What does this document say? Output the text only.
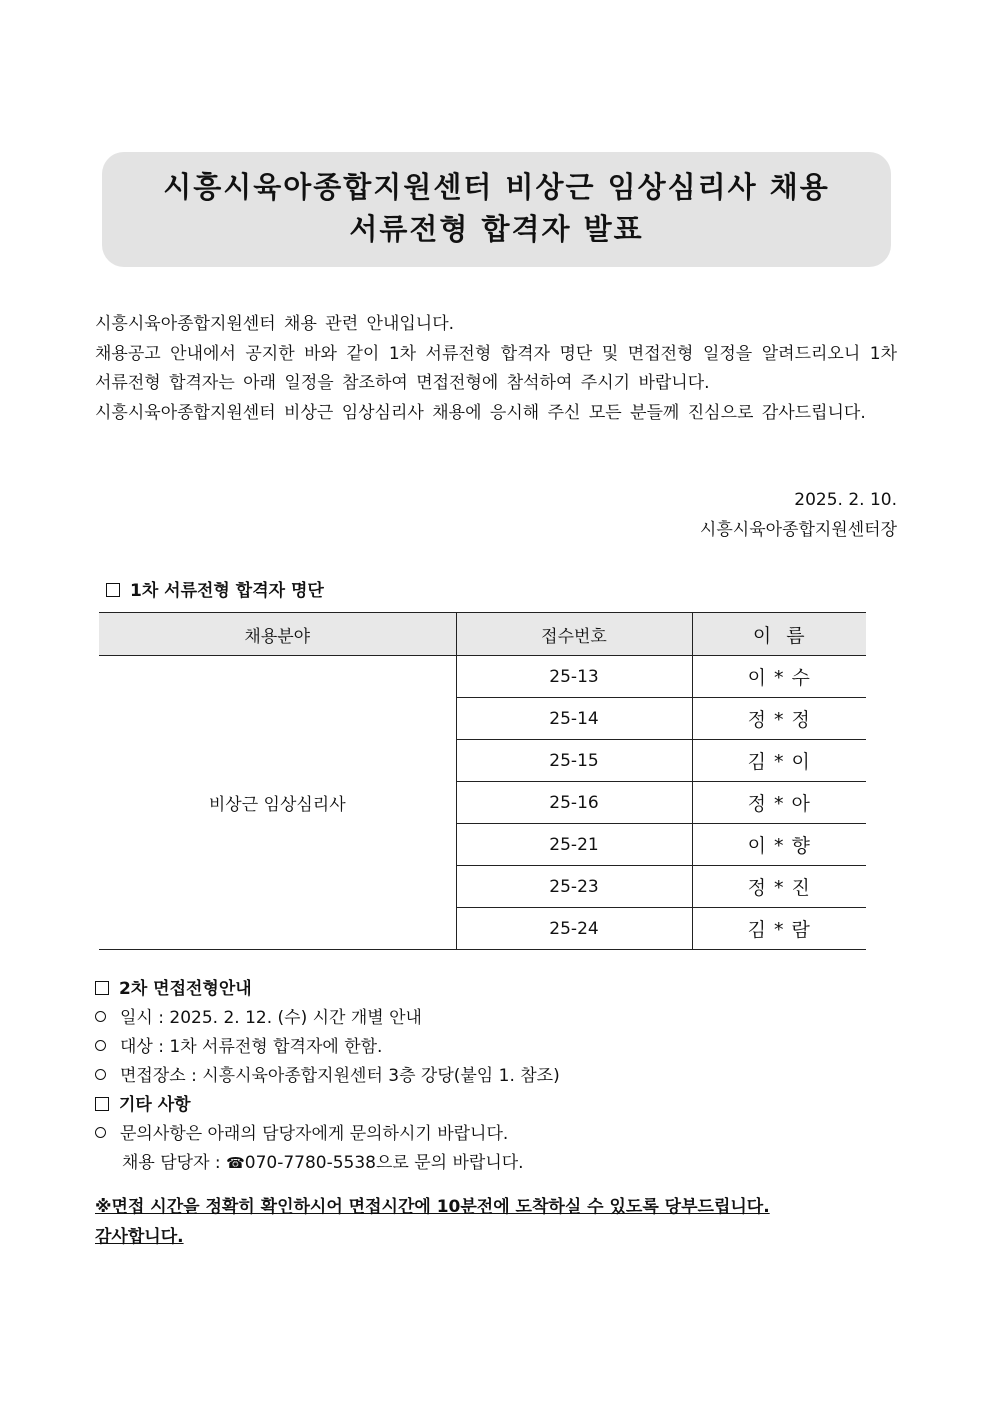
시흥시육아종합지원센터 비상근 임상심리사 채용
서류전형 합격자 발표

시흥시육아종합지원센터 채용 관련 안내입니다.

채용공고 안내에서 공지한 바와 같이 1차 서류전형 합격자 명단 및 면접전형 일정을 알려드리오니 1차 서류전형 합격자는 아래 일정을 참조하여 면접전형에 참석하여 주시기 바랍니다.

시흥시육아종합지원센터 비상근 임상심리사 채용에 응시해 주신 모든 분들께 진심으로 감사드립니다.

2025. 2. 10.
시흥시육아종합지원센터장
1차 서류전형 합격자 명단
채용분야	접수번호	이  름
비상근 임상심리사	25-13	이 * 수
	25-14	정 * 정
	25-15	김 * 이
	25-16	정 * 아
	25-21	이 * 향
	25-23	정 * 진
	25-24	김 * 람
2차 면접전형안내
일시 : 2025. 2. 12. (수) 시간 개별 안내
대상 : 1차 서류전형 합격자에 한함.
면접장소 : 시흥시육아종합지원센터 3층 강당(붙임 1. 참조)
기타 사항
문의사항은 아래의 담당자에게 문의하시기 바랍니다.
채용 담당자 : ☎070-7780-5538으로 문의 바랍니다.
※면접 시간을 정확히 확인하시어 면접시간에 10분전에 도착하실 수 있도록 당부드립니다.
감사합니다.
